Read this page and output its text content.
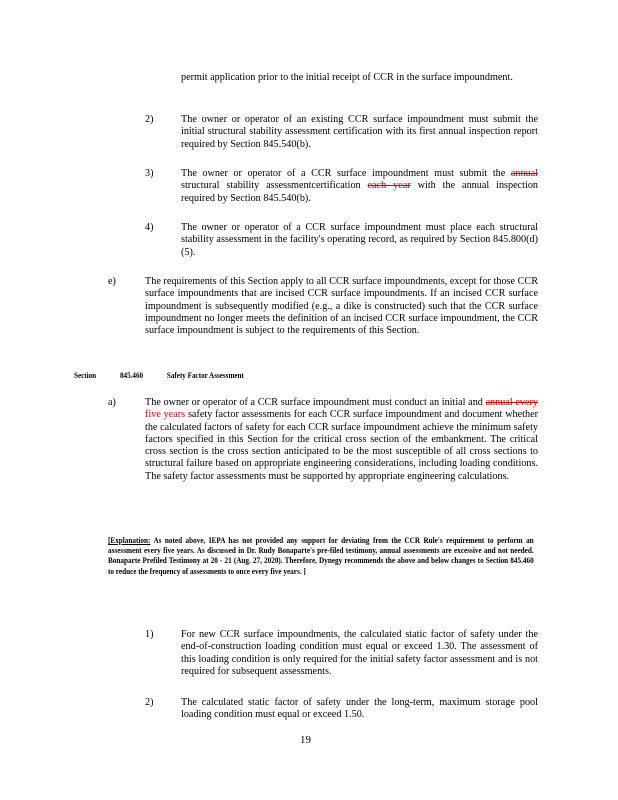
permit application prior to the initial receipt of CCR in the surface impoundment.

2)	The owner or operator of an existing CCR surface impoundment must submit the initial structural stability assessment certification with its first annual inspection report required by Section 845.540(b).

3)	The owner or operator of a CCR surface impoundment must submit the annual structural stability assessmentcertification each year with the annual inspection required by Section 845.540(b).

4)	The owner or operator of a CCR surface impoundment must place each structural stability assessment in the facility's operating record, as required by Section 845.800(d)(5).

e)	The requirements of this Section apply to all CCR surface impoundments, except for those CCR surface impoundments that are incised CCR surface impoundments. If an incised CCR surface impoundment is subsequently modified (e.g., a dike is constructed) such that the CCR surface impoundment no longer meets the definition of an incised CCR surface impoundment, the CCR surface impoundment is subject to the requirements of this Section.

Section	845.460	Safety Factor Assessment
a)	The owner or operator of a CCR surface impoundment must conduct an initial and annual every five years safety factor assessments for each CCR surface impoundment and document whether the calculated factors of safety for each CCR surface impoundment achieve the minimum safety factors specified in this Section for the critical cross section of the embankment. The critical cross section is the cross section anticipated to be the most susceptible of all cross sections to structural failure based on appropriate engineering considerations, including loading conditions. The safety factor assessments must be supported by appropriate engineering calculations.

[Explanation: As noted above, IEPA has not provided any support for deviating from the CCR Rule's requirement to perform an assessment every five years. As discussed in Dr. Rudy Bonaparte's pre-filed testimony, annual assessments are excessive and not needed. Bonaparte Prefiled Testimony at 20 - 21 (Aug. 27, 2020). Therefore, Dynegy recommends the above and below changes to Section 845.460 to reduce the frequency of assessments to once every five years. ]
1)	For new CCR surface impoundments, the calculated static factor of safety under the end-of-construction loading condition must equal or exceed 1.30. The assessment of this loading condition is only required for the initial safety factor assessment and is not required for subsequent assessments.

2)	The calculated static factor of safety under the long-term, maximum storage pool loading condition must equal or exceed 1.50.

19
